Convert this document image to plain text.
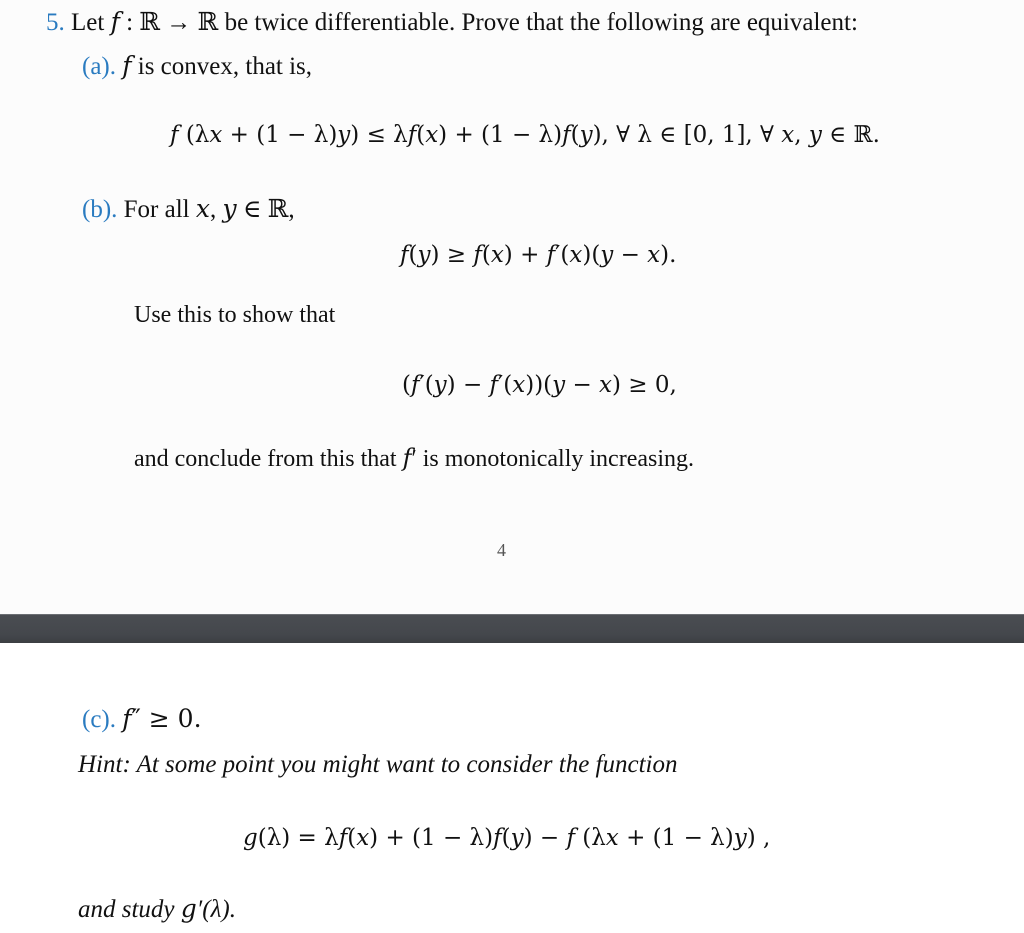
5. Let 𝑓 : ℝ → ℝ be twice differentiable. Prove that the following are equivalent:
(a). 𝑓 is convex, that is,
𝑓 (λ𝑥 + (1 − λ)𝑦) ≤ λ𝑓(𝑥) + (1 − λ)𝑓(𝑦), ∀ λ ∈ [0, 1], ∀ 𝑥, 𝑦 ∈ ℝ.
(b). For all 𝑥, 𝑦 ∈ ℝ,
𝑓(𝑦) ≥ 𝑓(𝑥) + 𝑓′(𝑥)(𝑦 − 𝑥).
Use this to show that
(𝑓′(𝑦) − 𝑓′(𝑥))(𝑦 − 𝑥) ≥ 0,
and conclude from this that 𝑓′ is monotonically increasing.
4
(c). 𝑓″ ≥ 0.
Hint: At some point you might want to consider the function
𝑔(λ) = λ𝑓(𝑥) + (1 − λ)𝑓(𝑦) − 𝑓 (λ𝑥 + (1 − λ)𝑦) ,
and study 𝑔′(λ).
